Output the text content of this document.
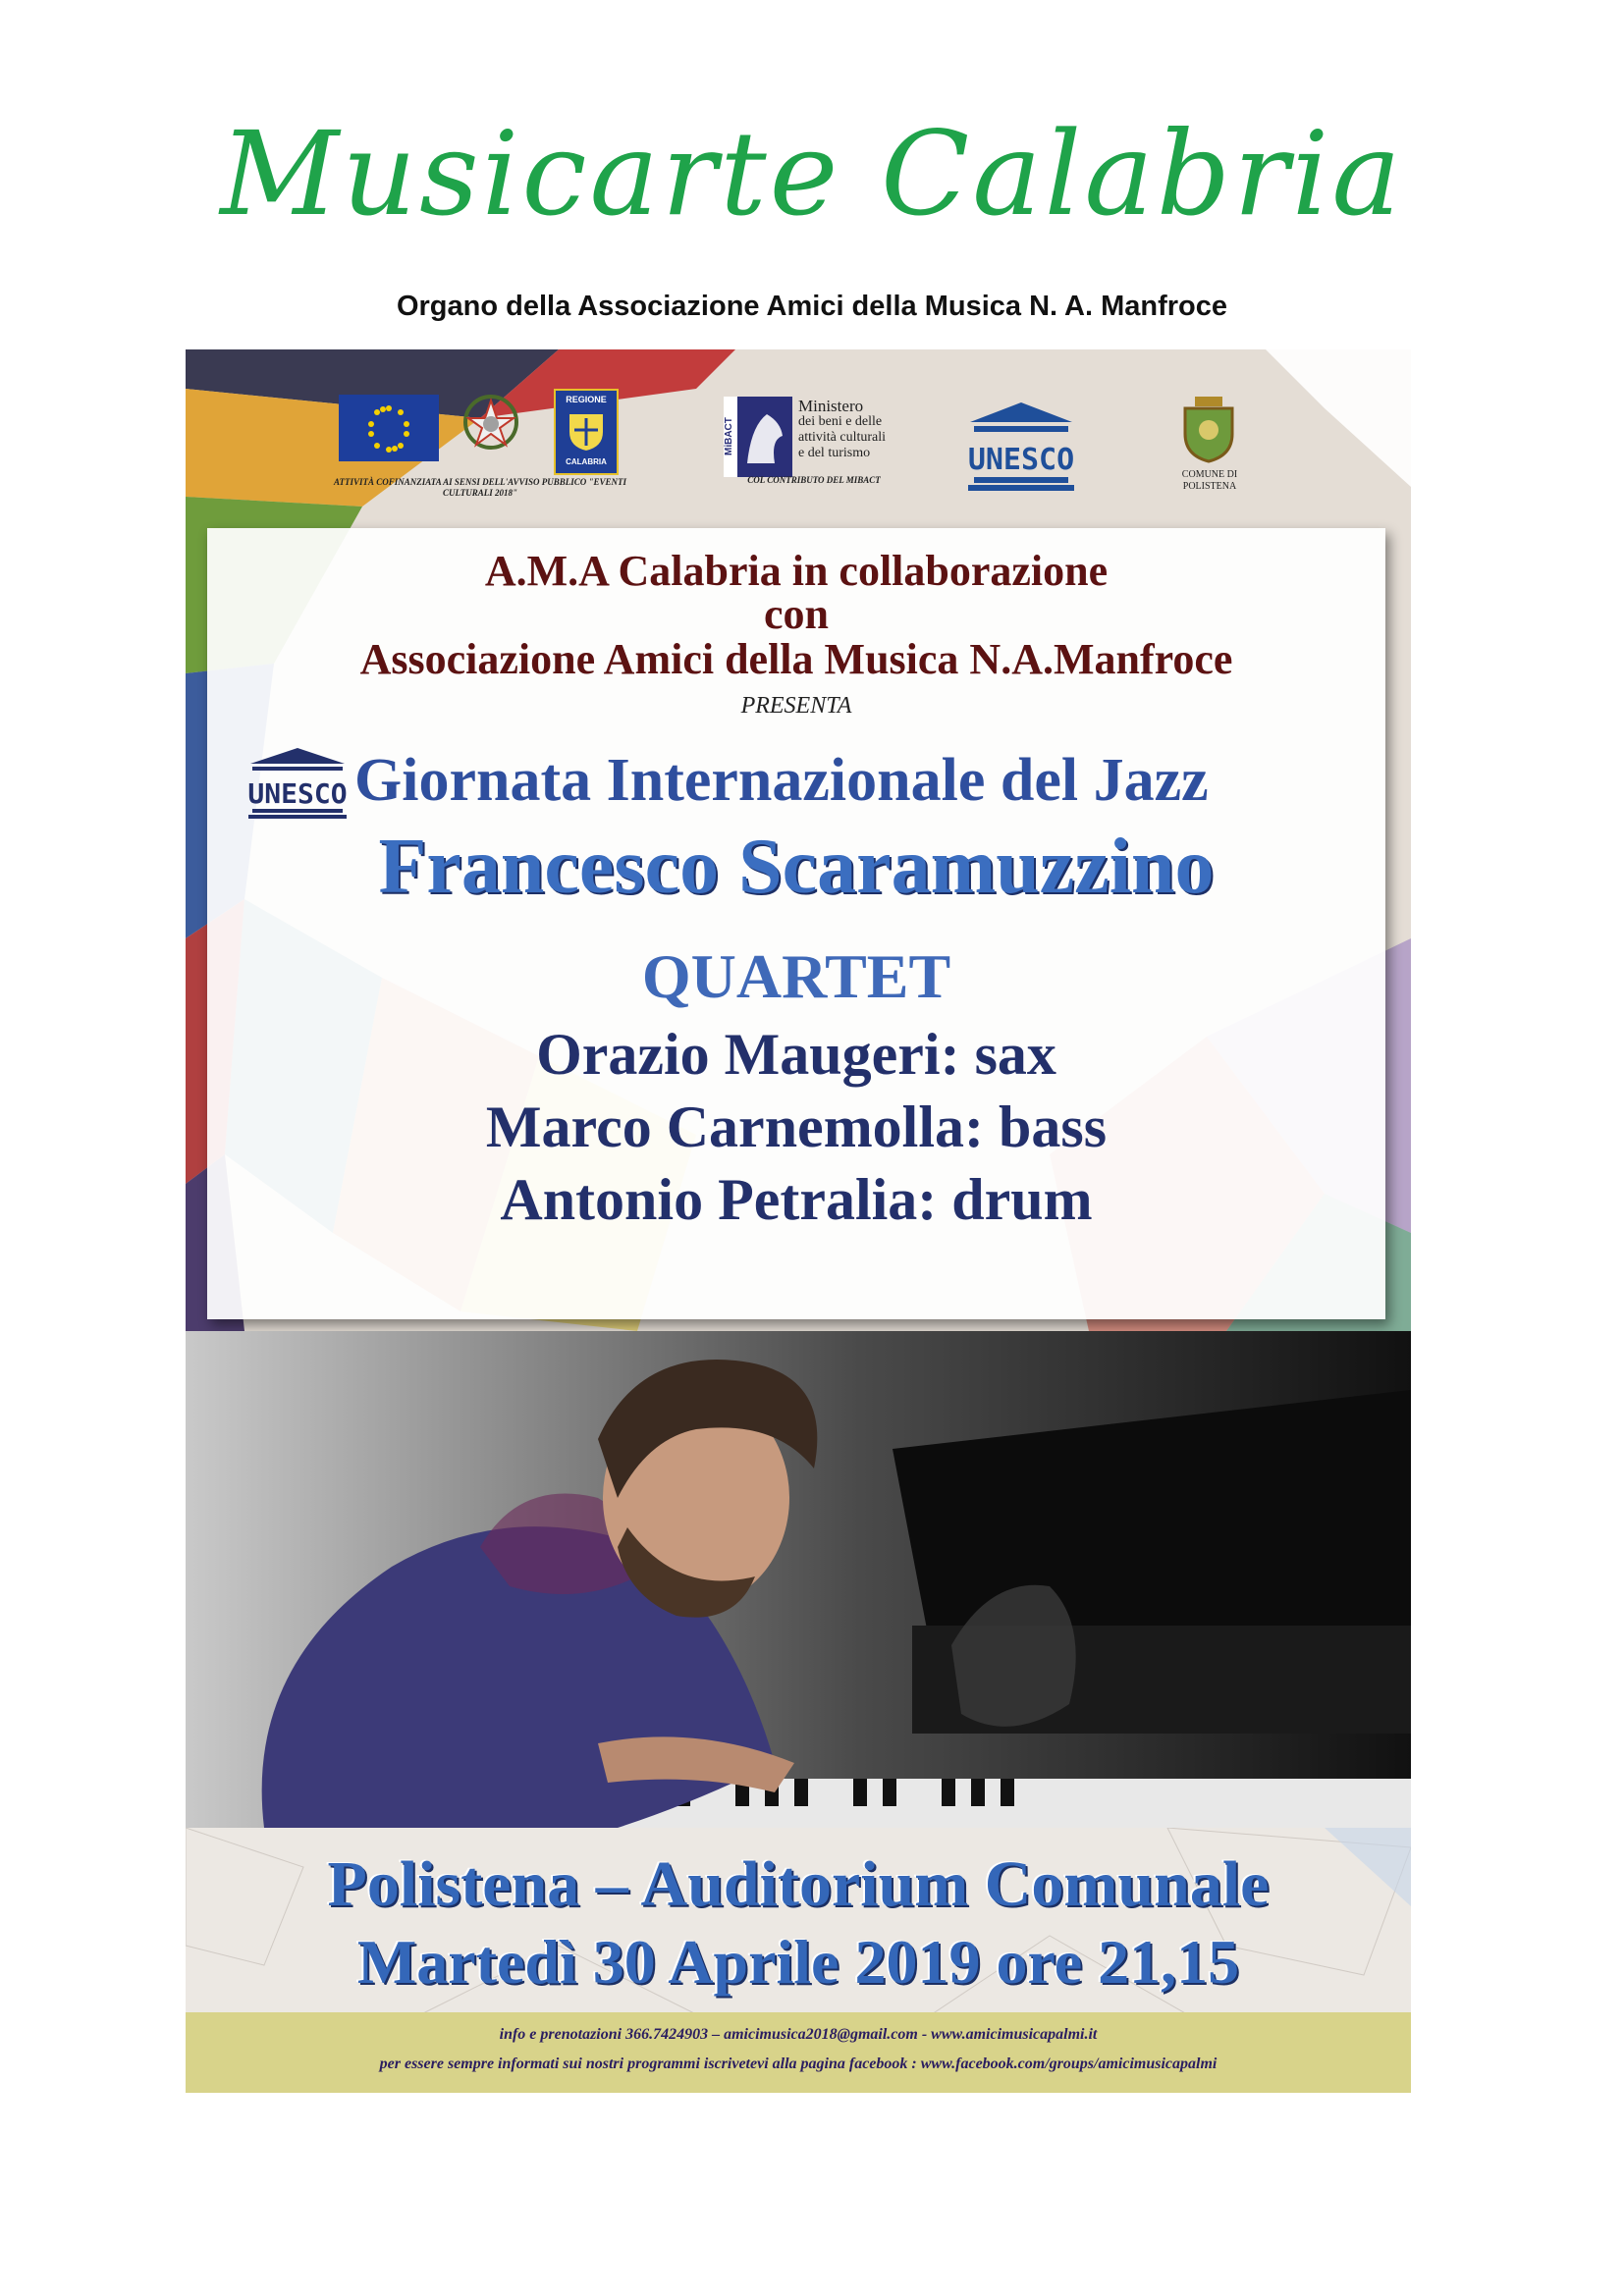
Musicarte Calabria
Organo della Associazione Amici della Musica N. A. Manfroce
ATTIVITÀ COFINANZIATA AI SENSI DELL'AVVISO PUBBLICO "EVENTI CULTURALI 2018"
REGIONE
CALABRIA
MiBACT
Ministero
dei beni e delle
attività culturali
e del turismo
COL CONTRIBUTO DEL MIBACT
UNESCO	COMUNE DI POLISTENA
A.M.A Calabria in collaborazione
con
Associazione Amici della Musica N.A.Manfroce
PRESENTA
UNESCO Giornata Internazionale del Jazz
Francesco Scaramuzzino
QUARTET
Orazio Maugeri: sax
Marco Carnemolla: bass
Antonio Petralia: drum
Polistena – Auditorium Comunale
Martedì 30 Aprile 2019 ore 21,15
info e prenotazioni 366.7424903 – amicimusica2018@gmail.com - www.amicimusicapalmi.it
per essere sempre informati sui nostri programmi iscrivetevi alla pagina facebook : www.facebook.com/groups/amicimusicapalmi
